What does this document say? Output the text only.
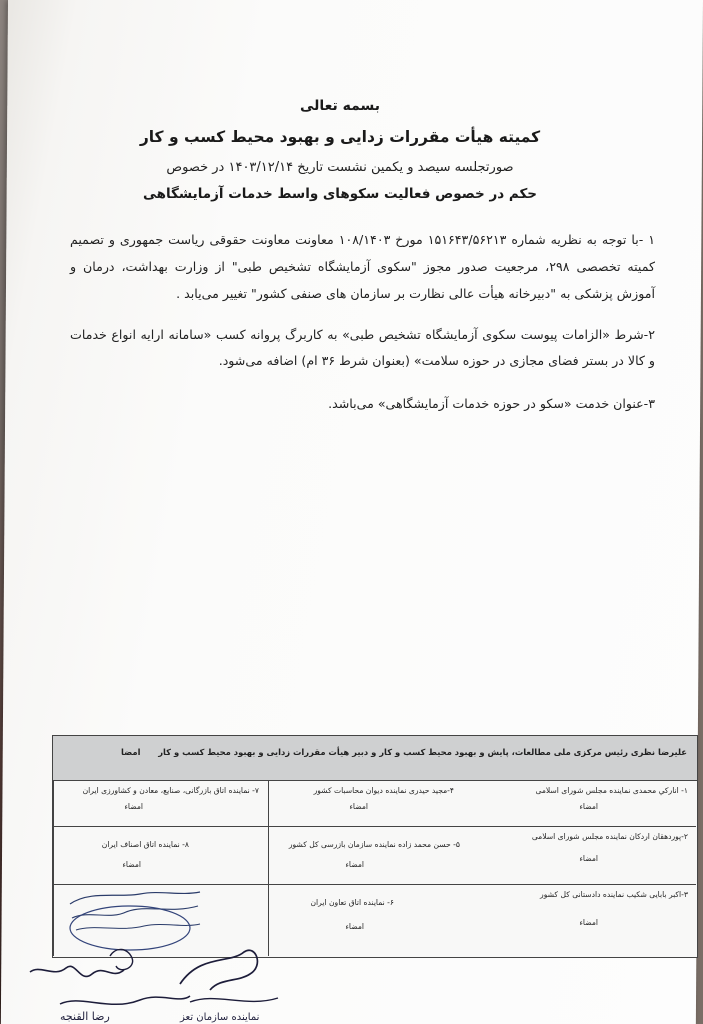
بسمه تعالی
کمیته هیأت مقررات زدایی و بهبود محیط کسب و کار
صورتجلسه سیصد و یکمین نشست تاریخ ۱۴۰۳/۱۲/۱۴ در خصوص
حکم در خصوص فعالیت سکوهای واسط خدمات آزمایشگاهی
۱ -با توجه به نظریه شماره ۱۵۱۶۴۳/۵۶۲۱۳ مورخ ۱۰۸/۱۴۰۳ معاونت معاونت حقوقی ریاست جمهوری و تصمیم کمیته تخصصی ۲۹۸، مرجعیت صدور مجوز "سکوی آزمایشگاه تشخیص طبی" از وزارت بهداشت، درمان و آموزش پزشکی به "دبیرخانه هیأت عالی نظارت بر سازمان های صنفی کشور" تغییر می‌یابد .
۲-شرط «الزامات پیوست سکوی آزمایشگاه تشخیص طبی» به کاربرگ پروانه کسب «سامانه ارایه انواع خدمات و کالا در بستر فضای مجازی در حوزه سلامت» (بعنوان شرط ۳۶ ام) اضافه می‌شود.
۳-عنوان خدمت «سکو در حوزه خدمات آزمایشگاهی» می‌باشد.
علیرضا نظری رئیس مرکزی ملی مطالعات، پایش و بهبود محیط کسب و کار و دبیر هیأت مقررات زدایی و بهبود محیط کسب و کار
امضا
۱- اناركي محمدی نماینده مجلس شورای اسلامی
امضاء
۴-مجید حیدری نماینده دیوان محاسبات کشور
امضاء
۷- نماینده اتاق بازرگانی، صنایع، معادن و کشاورزی ایران
امضاء
۲-پوردهقان اردکان نماینده مجلس شورای اسلامی
امضاء
۵- حسن محمد زاده نماینده سازمان بازرسی کل کشور
امضاء
۸- نماینده اتاق اصناف ایران
امضاء
۳-اکبر بابایی شکیب نماینده دادستانی کل کشور
امضاء
۶- نماینده اتاق تعاون ایران
امضاء
رضا القنجه	نماینده سازمان تعز
